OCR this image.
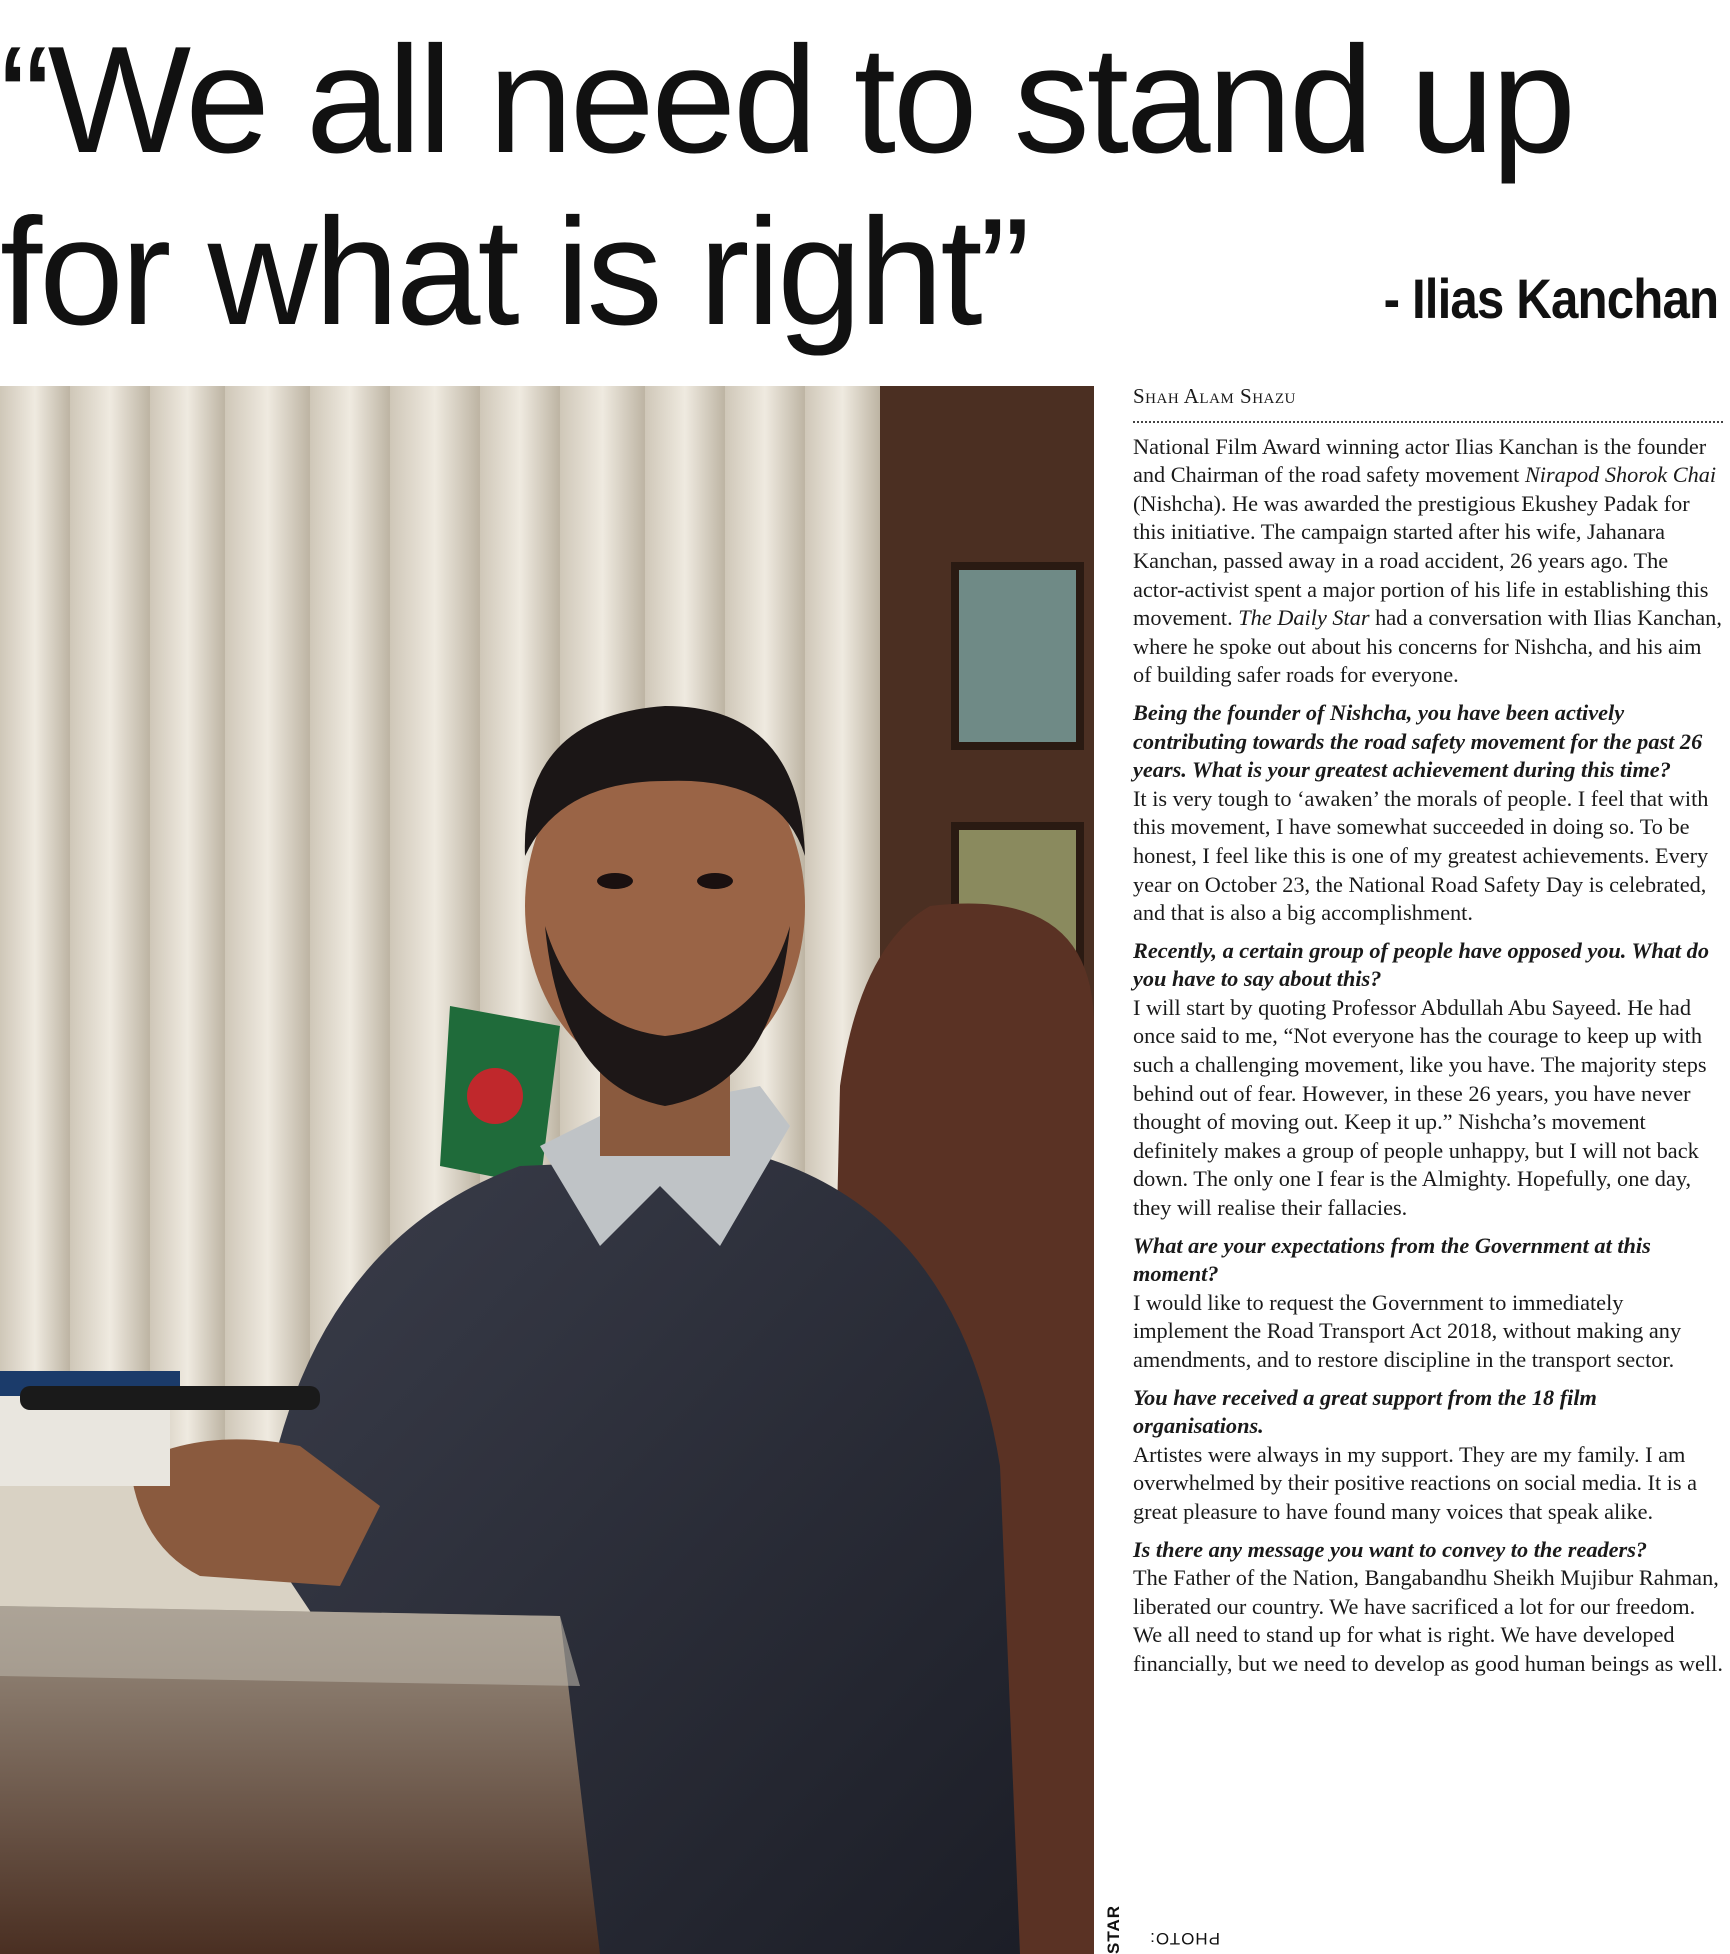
“We all need to stand up
for what is right”	- Ilias Kanchan
PHOTO:
STAR
Shah Alam Shazu

National Film Award winning actor Ilias Kanchan is the founder and Chairman of the road safety movement Nirapod Shorok Chai (Nishcha). He was awarded the prestigious Ekushey Padak for this initiative. The campaign started after his wife, Jahanara Kanchan, passed away in a road accident, 26 years ago. The actor-activist spent a major portion of his life in establishing this movement. The Daily Star had a conversation with Ilias Kanchan, where he spoke out about his concerns for Nishcha, and his aim of building safer roads for everyone.

Being the founder of Nishcha, you have been actively contributing towards the road safety movement for the past 26 years. What is your greatest achievement during this time?

It is very tough to ‘awaken’ the morals of people. I feel that with this movement, I have somewhat succeeded in doing so. To be honest, I feel like this is one of my greatest achievements. Every year on October 23, the National Road Safety Day is celebrated, and that is also a big accomplishment.

Recently, a certain group of people have opposed you. What do you have to say about this?

I will start by quoting Professor Abdullah Abu Sayeed. He had once said to me, “Not everyone has the courage to keep up with such a challenging movement, like you have. The majority steps behind out of fear. However, in these 26 years, you have never thought of moving out. Keep it up.” Nishcha’s movement definitely makes a group of people unhappy, but I will not back down. The only one I fear is the Almighty. Hopefully, one day, they will realise their fallacies.

What are your expectations from the Government at this moment?

I would like to request the Government to immediately implement the Road Transport Act 2018, without making any amendments, and to restore discipline in the transport sector.

You have received a great support from the 18 film organisations.

Artistes were always in my support. They are my family. I am overwhelmed by their positive reactions on social media. It is a great pleasure to have found many voices that speak alike.

Is there any message you want to convey to the readers?

The Father of the Nation, Bangabandhu Sheikh Mujibur Rahman, liberated our country. We have sacrificed a lot for our freedom. We all need to stand up for what is right. We have developed financially, but we need to develop as good human beings as well.
